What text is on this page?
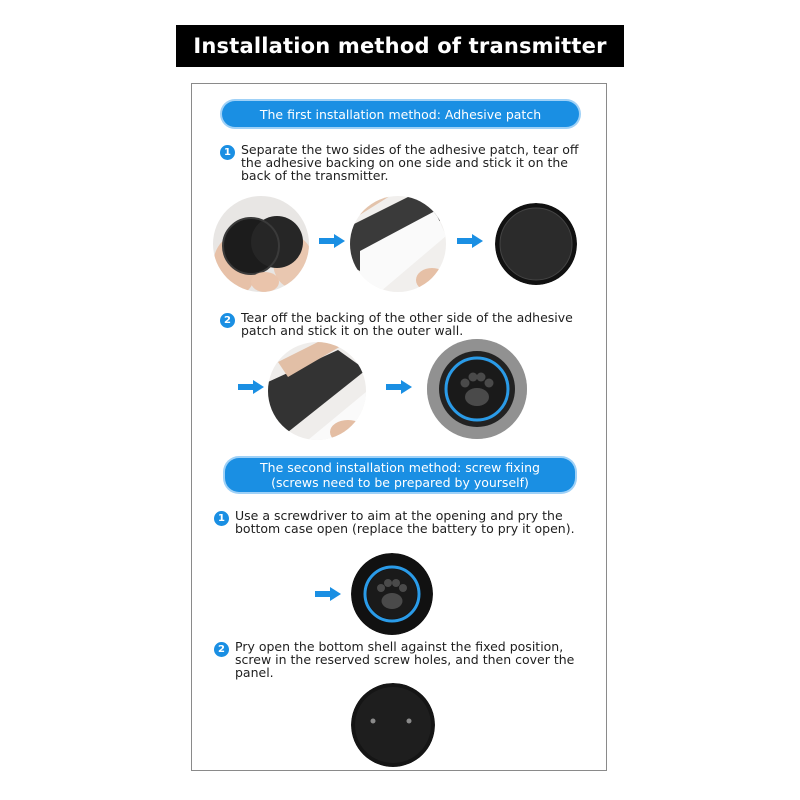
Installation method of transmitter
The first installation method: Adhesive patch
1 Separate the two sides of the adhesive patch, tear off
the adhesive backing on one side and stick it on the
back of the transmitter.
2 Tear off the backing of the other side of the adhesive
patch and stick it on the outer wall.
The second installation method: screw fixing
(screws need to be prepared by yourself)
1 Use a screwdriver to aim at the opening and pry the
bottom case open (replace the battery to pry it open).
2 Pry open the bottom shell against the fixed position,
screw in the reserved screw holes, and then cover the
panel.
